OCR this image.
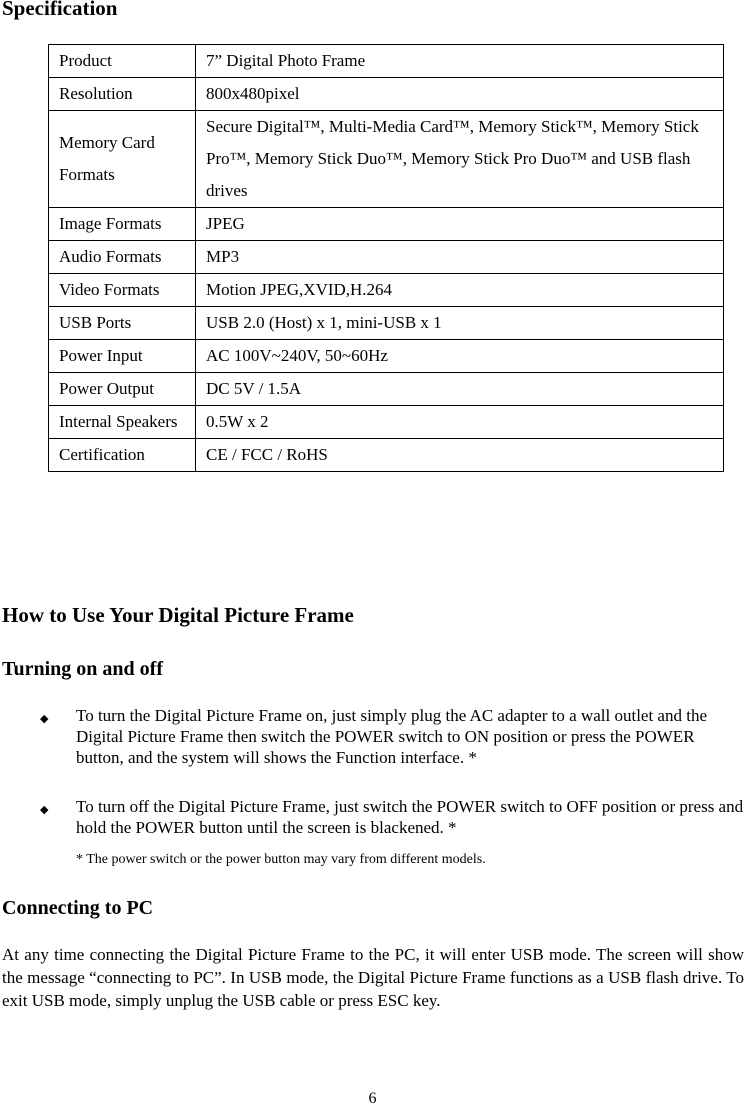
Specification
Product	7” Digital Photo Frame
Resolution	800x480pixel
Memory Card Formats	Secure Digital™, Multi-Media Card™, Memory Stick™, Memory Stick Pro™, Memory Stick Duo™, Memory Stick Pro Duo™ and USB flash drives
Image Formats	JPEG
Audio Formats	MP3
Video Formats	Motion JPEG,XVID,H.264
USB Ports	USB 2.0 (Host) x 1, mini-USB x 1
Power Input	AC 100V~240V, 50~60Hz
Power Output	DC 5V / 1.5A
Internal Speakers	0.5W x 2
Certification	CE / FCC / RoHS
How to Use Your Digital Picture Frame
Turning on and off
◆ To turn the Digital Picture Frame on, just simply plug the AC adapter to a wall outlet and the Digital Picture Frame then switch the POWER switch to ON position or press the POWER button, and the system will shows the Function interface. *
◆ To turn off the Digital Picture Frame, just switch the POWER switch to OFF position or press and hold the POWER button until the screen is blackened. *

* The power switch or the power button may vary from different models.

Connecting to PC

At any time connecting the Digital Picture Frame to the PC, it will enter USB mode. The screen will show the message “connecting to PC”. In USB mode, the Digital Picture Frame functions as a USB flash drive. To exit USB mode, simply unplug the USB cable or press ESC key.

6
